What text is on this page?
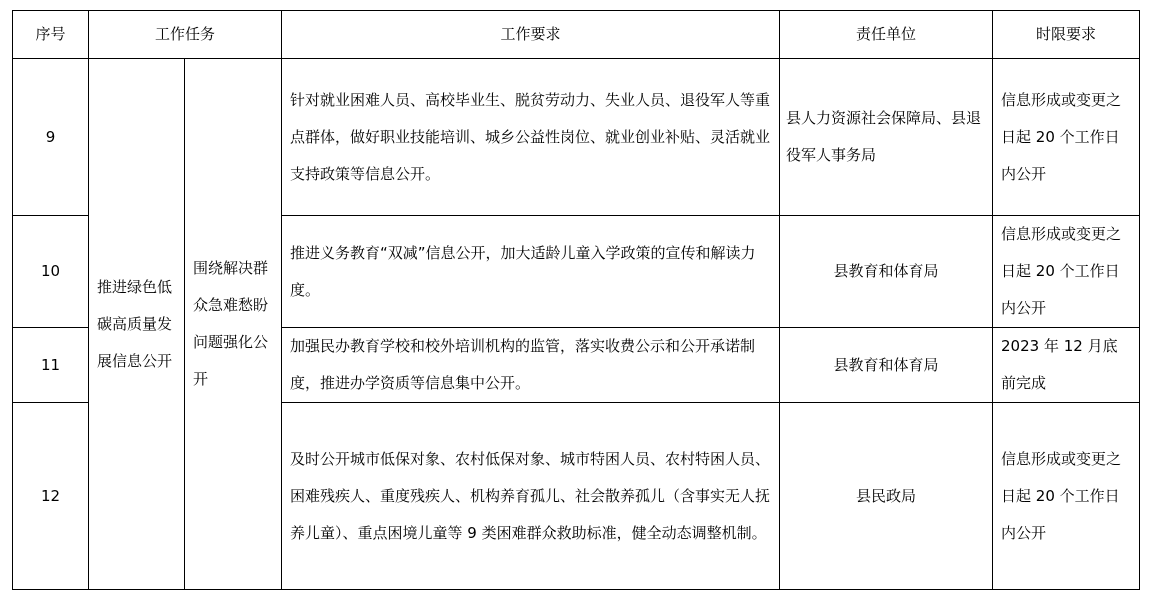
序号	工作任务		工作要求	责任单位	时限要求
9	推进绿色低碳高质量发展信息公开	围绕解决群众急难愁盼问题强化公开	针对就业困难人员、高校毕业生、脱贫劳动力、失业人员、退役军人等重点群体，做好职业技能培训、城乡公益性岗位、就业创业补贴、灵活就业支持政策等信息公开。	县人力资源社会保障局、县退役军人事务局	信息形成或变更之日起 20 个工作日内公开
10			推进义务教育“双减”信息公开，加大适龄儿童入学政策的宣传和解读力度。	县教育和体育局	信息形成或变更之日起 20 个工作日内公开
11			加强民办教育学校和校外培训机构的监管，落实收费公示和公开承诺制度，推进办学资质等信息集中公开。	县教育和体育局	2023 年 12 月底前完成
12			及时公开城市低保对象、农村低保对象、城市特困人员、农村特困人员、困难残疾人、重度残疾人、机构养育孤儿、社会散养孤儿（含事实无人抚养儿童）、重点困境儿童等 9 类困难群众救助标准，健全动态调整机制。	县民政局	信息形成或变更之日起 20 个工作日内公开
